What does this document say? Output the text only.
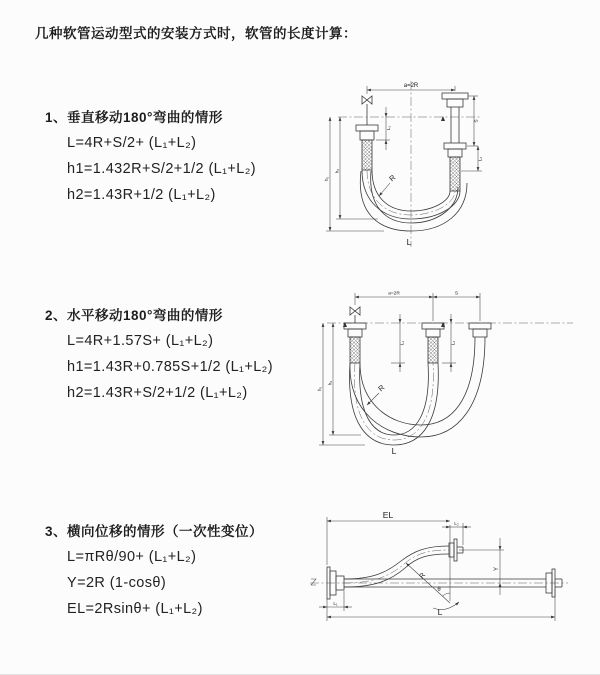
几种软管运动型式的安装方式时，软管的长度计算：

1、垂直移动180°弯曲的情形

L=4R+S/2+ (L₁+L₂)

h1=1.432R+S/2+1/2 (L₁+L₂)

h2=1.43R+1/2 (L₁+L₂)

2、水平移动180°弯曲的情形

L=4R+1.57S+ (L₁+L₂)

h1=1.43R+0.785S+1/2 (L₁+L₂)

h2=1.43R+S/2+1/2 (L₁+L₂)

3、横向位移的情形（一次性变位）

L=πRθ/90+ (L₁+L₂)

Y=2R (1-cosθ)

EL=2Rsinθ+ (L₁+L₂)

a=2R
h₁
h₂
L₁
S
L₂
R
L
a=2R	S
h₁
h₂
L₁	L₂
R
L
EL
L₂
Y
R
θ
L₁
L
